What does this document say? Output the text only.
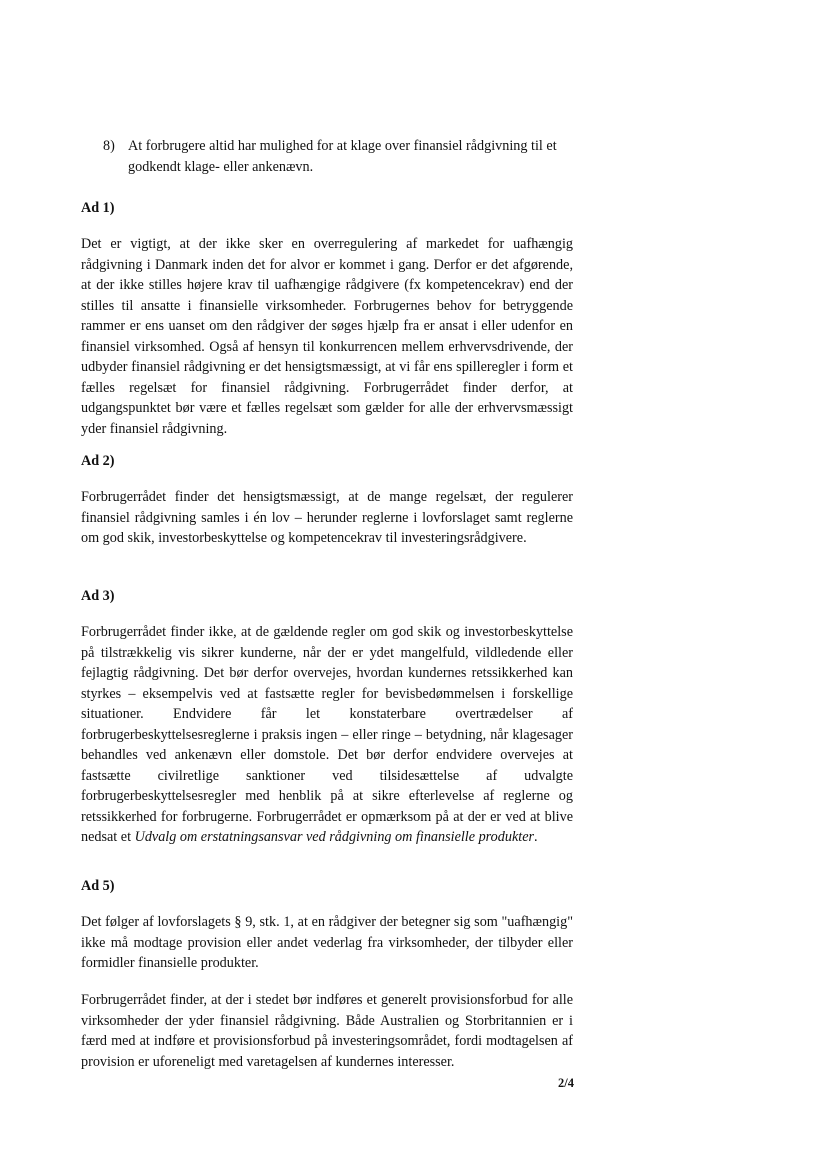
8) At forbrugere altid har mulighed for at klage over finansiel rådgivning til et godkendt klage- eller ankenævn.
Ad 1)
Det er vigtigt, at der ikke sker en overregulering af markedet for uafhængig rådgivning i Danmark inden det for alvor er kommet i gang. Derfor er det afgørende, at der ikke stilles højere krav til uafhængige rådgivere (fx kompetencekrav) end der stilles til ansatte i finansielle virksomheder. Forbrugernes behov for betryggende rammer er ens uanset om den rådgiver der søges hjælp fra er ansat i eller udenfor en finansiel virksomhed. Også af hensyn til konkurrencen mellem erhvervsdrivende, der udbyder finansiel rådgivning er det hensigtsmæssigt, at vi får ens spilleregler i form et fælles regelsæt for finansiel rådgivning. Forbrugerrådet finder derfor, at udgangspunktet bør være et fælles regelsæt som gælder for alle der erhvervsmæssigt yder finansiel rådgivning.
Ad 2)
Forbrugerrådet finder det hensigtsmæssigt, at de mange regelsæt, der regulerer finansiel rådgivning samles i én lov – herunder reglerne i lovforslaget samt reglerne om god skik, investorbeskyttelse og kompetencekrav til investeringsrådgivere.
Ad 3)
Forbrugerrådet finder ikke, at de gældende regler om god skik og investorbeskyttelse på tilstrækkelig vis sikrer kunderne, når der er ydet mangelfuld, vildledende eller fejlagtig rådgivning. Det bør derfor overvejes, hvordan kundernes retssikkerhed kan styrkes – eksempelvis ved at fastsætte regler for bevisbedømmelsen i forskellige situationer. Endvidere får let konstaterbare overtrædelser af forbrugerbeskyttelsesreglerne i praksis ingen – eller ringe – betydning, når klagesager behandles ved ankenævn eller domstole. Det bør derfor endvidere overvejes at fastsætte civilretlige sanktioner ved tilsidesættelse af udvalgte forbrugerbeskyttelsesregler med henblik på at sikre efterlevelse af reglerne og retssikkerhed for forbrugerne. Forbrugerrådet er opmærksom på at der er ved at blive nedsat et Udvalg om erstatningsansvar ved rådgivning om finansielle produkter.
Ad 5)
Det følger af lovforslagets § 9, stk. 1, at en rådgiver der betegner sig som "uafhængig" ikke må modtage provision eller andet vederlag fra virksomheder, der tilbyder eller formidler finansielle produkter.
Forbrugerrådet finder, at der i stedet bør indføres et generelt provisionsforbud for alle virksomheder der yder finansiel rådgivning. Både Australien og Storbritannien er i færd med at indføre et provisionsforbud på investeringsområdet, fordi modtagelsen af provision er uforeneligt med varetagelsen af kundernes interesser.
2/4
